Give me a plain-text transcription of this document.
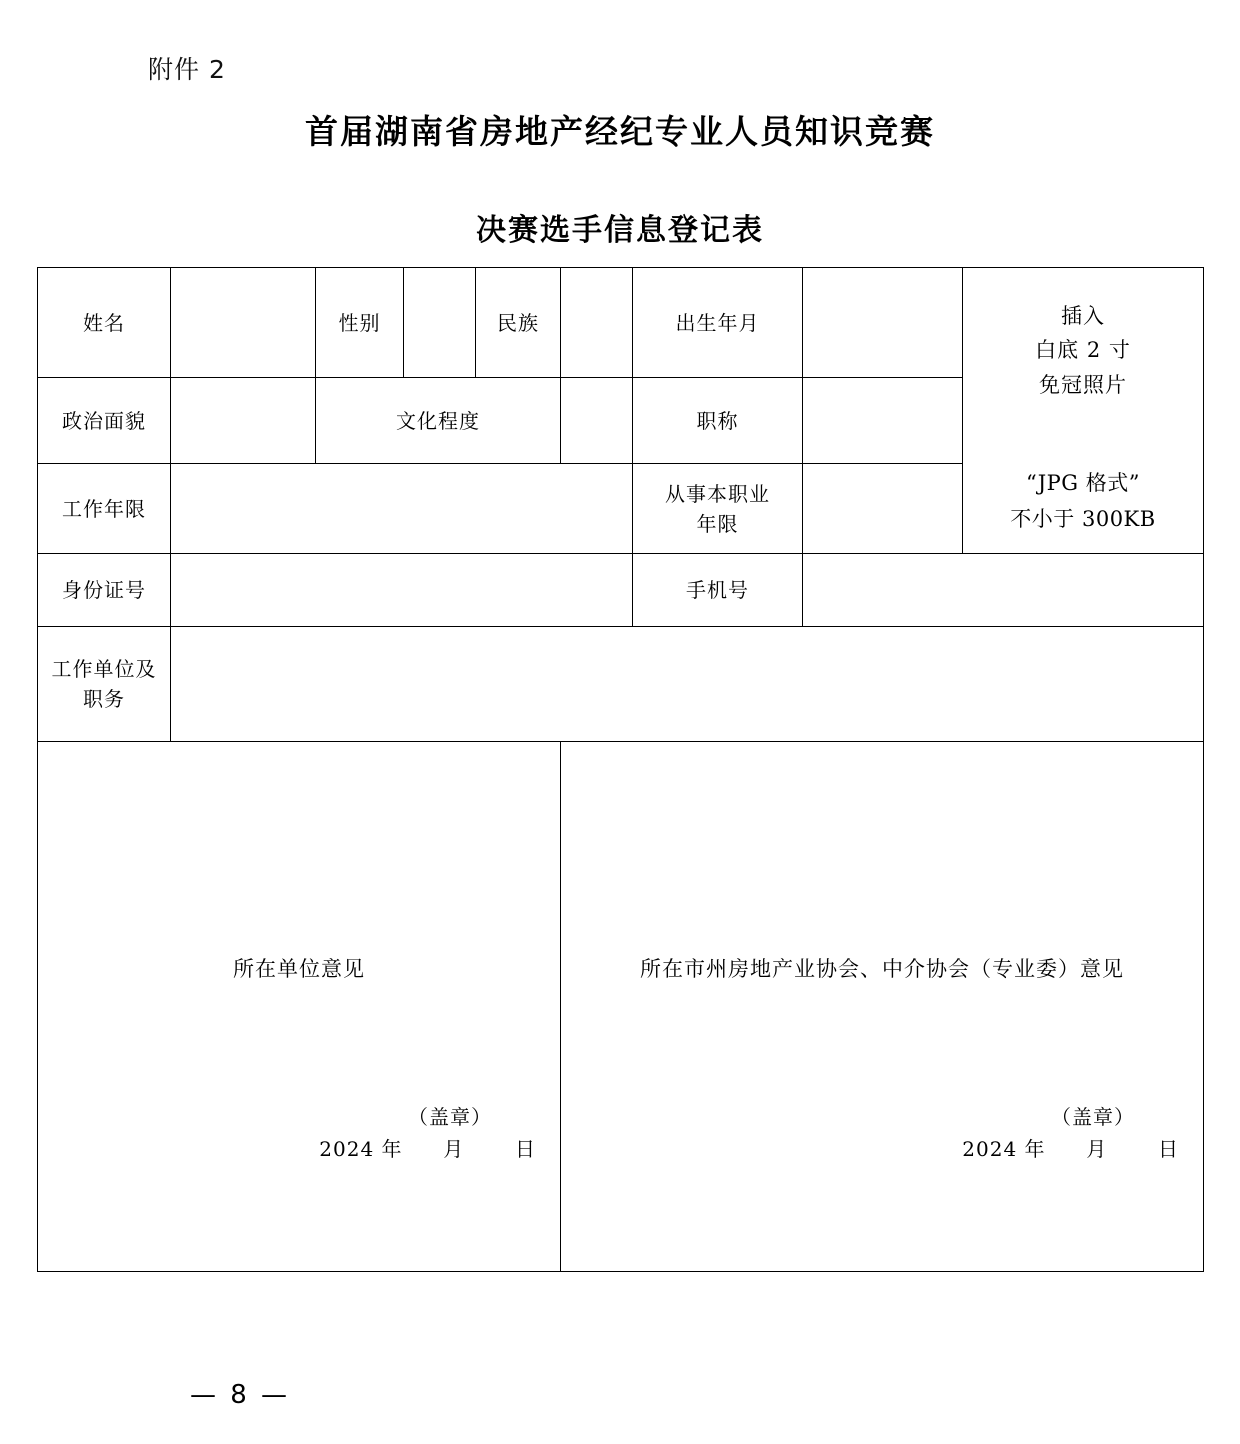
附件 2
首届湖南省房地产经纪专业人员知识竞赛
决赛选手信息登记表
姓名		性别		民族		出生年月		插入
白底 2 寸
免冠照片
“JPG 格式”
不小于 300KB

政治面貌		文化程度				职称		
工作年限						从事本职业
年限		

身份证号						手机号		

工作单位及
职务								

所在单位意见
（盖章）
2024 年 月	日

所在市州房地产业协会、中介协会（专业委）意见
（盖章）
2024 年 月	日
— 8 —
